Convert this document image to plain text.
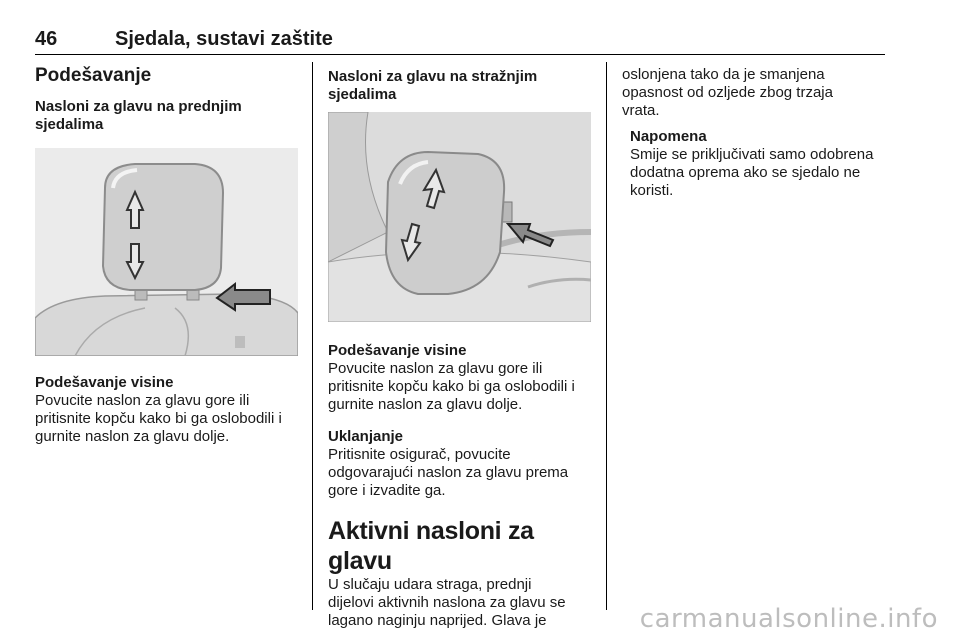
46	Sjedala, sustavi zaštite

Podešavanje

Nasloni za glavu na prednjim

sjedalima

Podešavanje visine

Povucite naslon za glavu gore ili

pritisnite kopču kako bi ga oslobodili i

gurnite naslon za glavu dolje.

Nasloni za glavu na stražnjim

sjedalima

Podešavanje visine

Povucite naslon za glavu gore ili

pritisnite kopču kako bi ga oslobodili i

gurnite naslon za glavu dolje.

Uklanjanje

Pritisnite osigurač, povucite

odgovarajući naslon za glavu prema

gore i izvadite ga.

Aktivni nasloni za glavu

U slučaju udara straga, prednji

dijelovi aktivnih naslona za glavu se

lagano naginju naprijed. Glava je

oslonjena tako da je smanjena

opasnost od ozljede zbog trzaja

vrata.

Napomena

Smije se priključivati samo odobrena

dodatna oprema ako se sjedalo ne

koristi.

carmanualsonline.info
